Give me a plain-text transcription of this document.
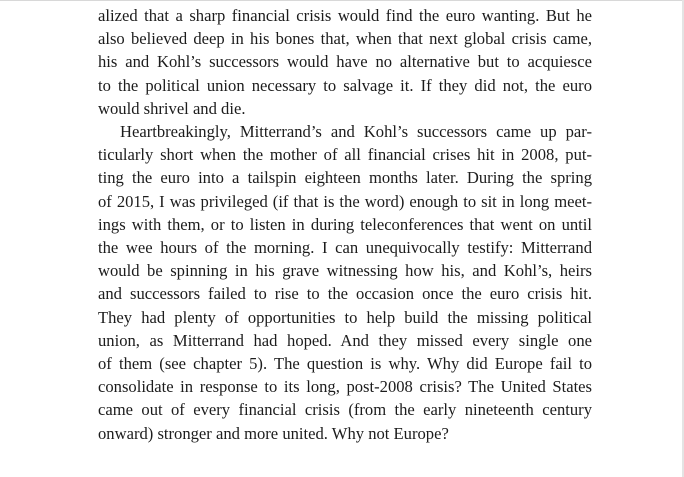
alized that a sharp financial crisis would find the euro wanting. But he
also believed deep in his bones that, when that next global crisis came,
his and Kohl’s successors would have no alternative but to acquiesce
to the political union necessary to salvage it. If they did not, the euro
would shrivel and die.

Heartbreakingly, Mitterrand’s and Kohl’s successors came up par-
ticularly short when the mother of all financial crises hit in 2008, put-
ting the euro into a tailspin eighteen months later. During the spring
of 2015, I was privileged (if that is the word) enough to sit in long meet-
ings with them, or to listen in during teleconferences that went on until
the wee hours of the morning. I can unequivocally testify: Mitterrand
would be spinning in his grave witnessing how his, and Kohl’s, heirs
and successors failed to rise to the occasion once the euro crisis hit.
They had plenty of opportunities to help build the missing political
union, as Mitterrand had hoped. And they missed every single one
of them (see chapter 5). The question is why. Why did Europe fail to
consolidate in response to its long, post-2008 crisis? The United States
came out of every financial crisis (from the early nineteenth century
onward) stronger and more united. Why not Europe?
